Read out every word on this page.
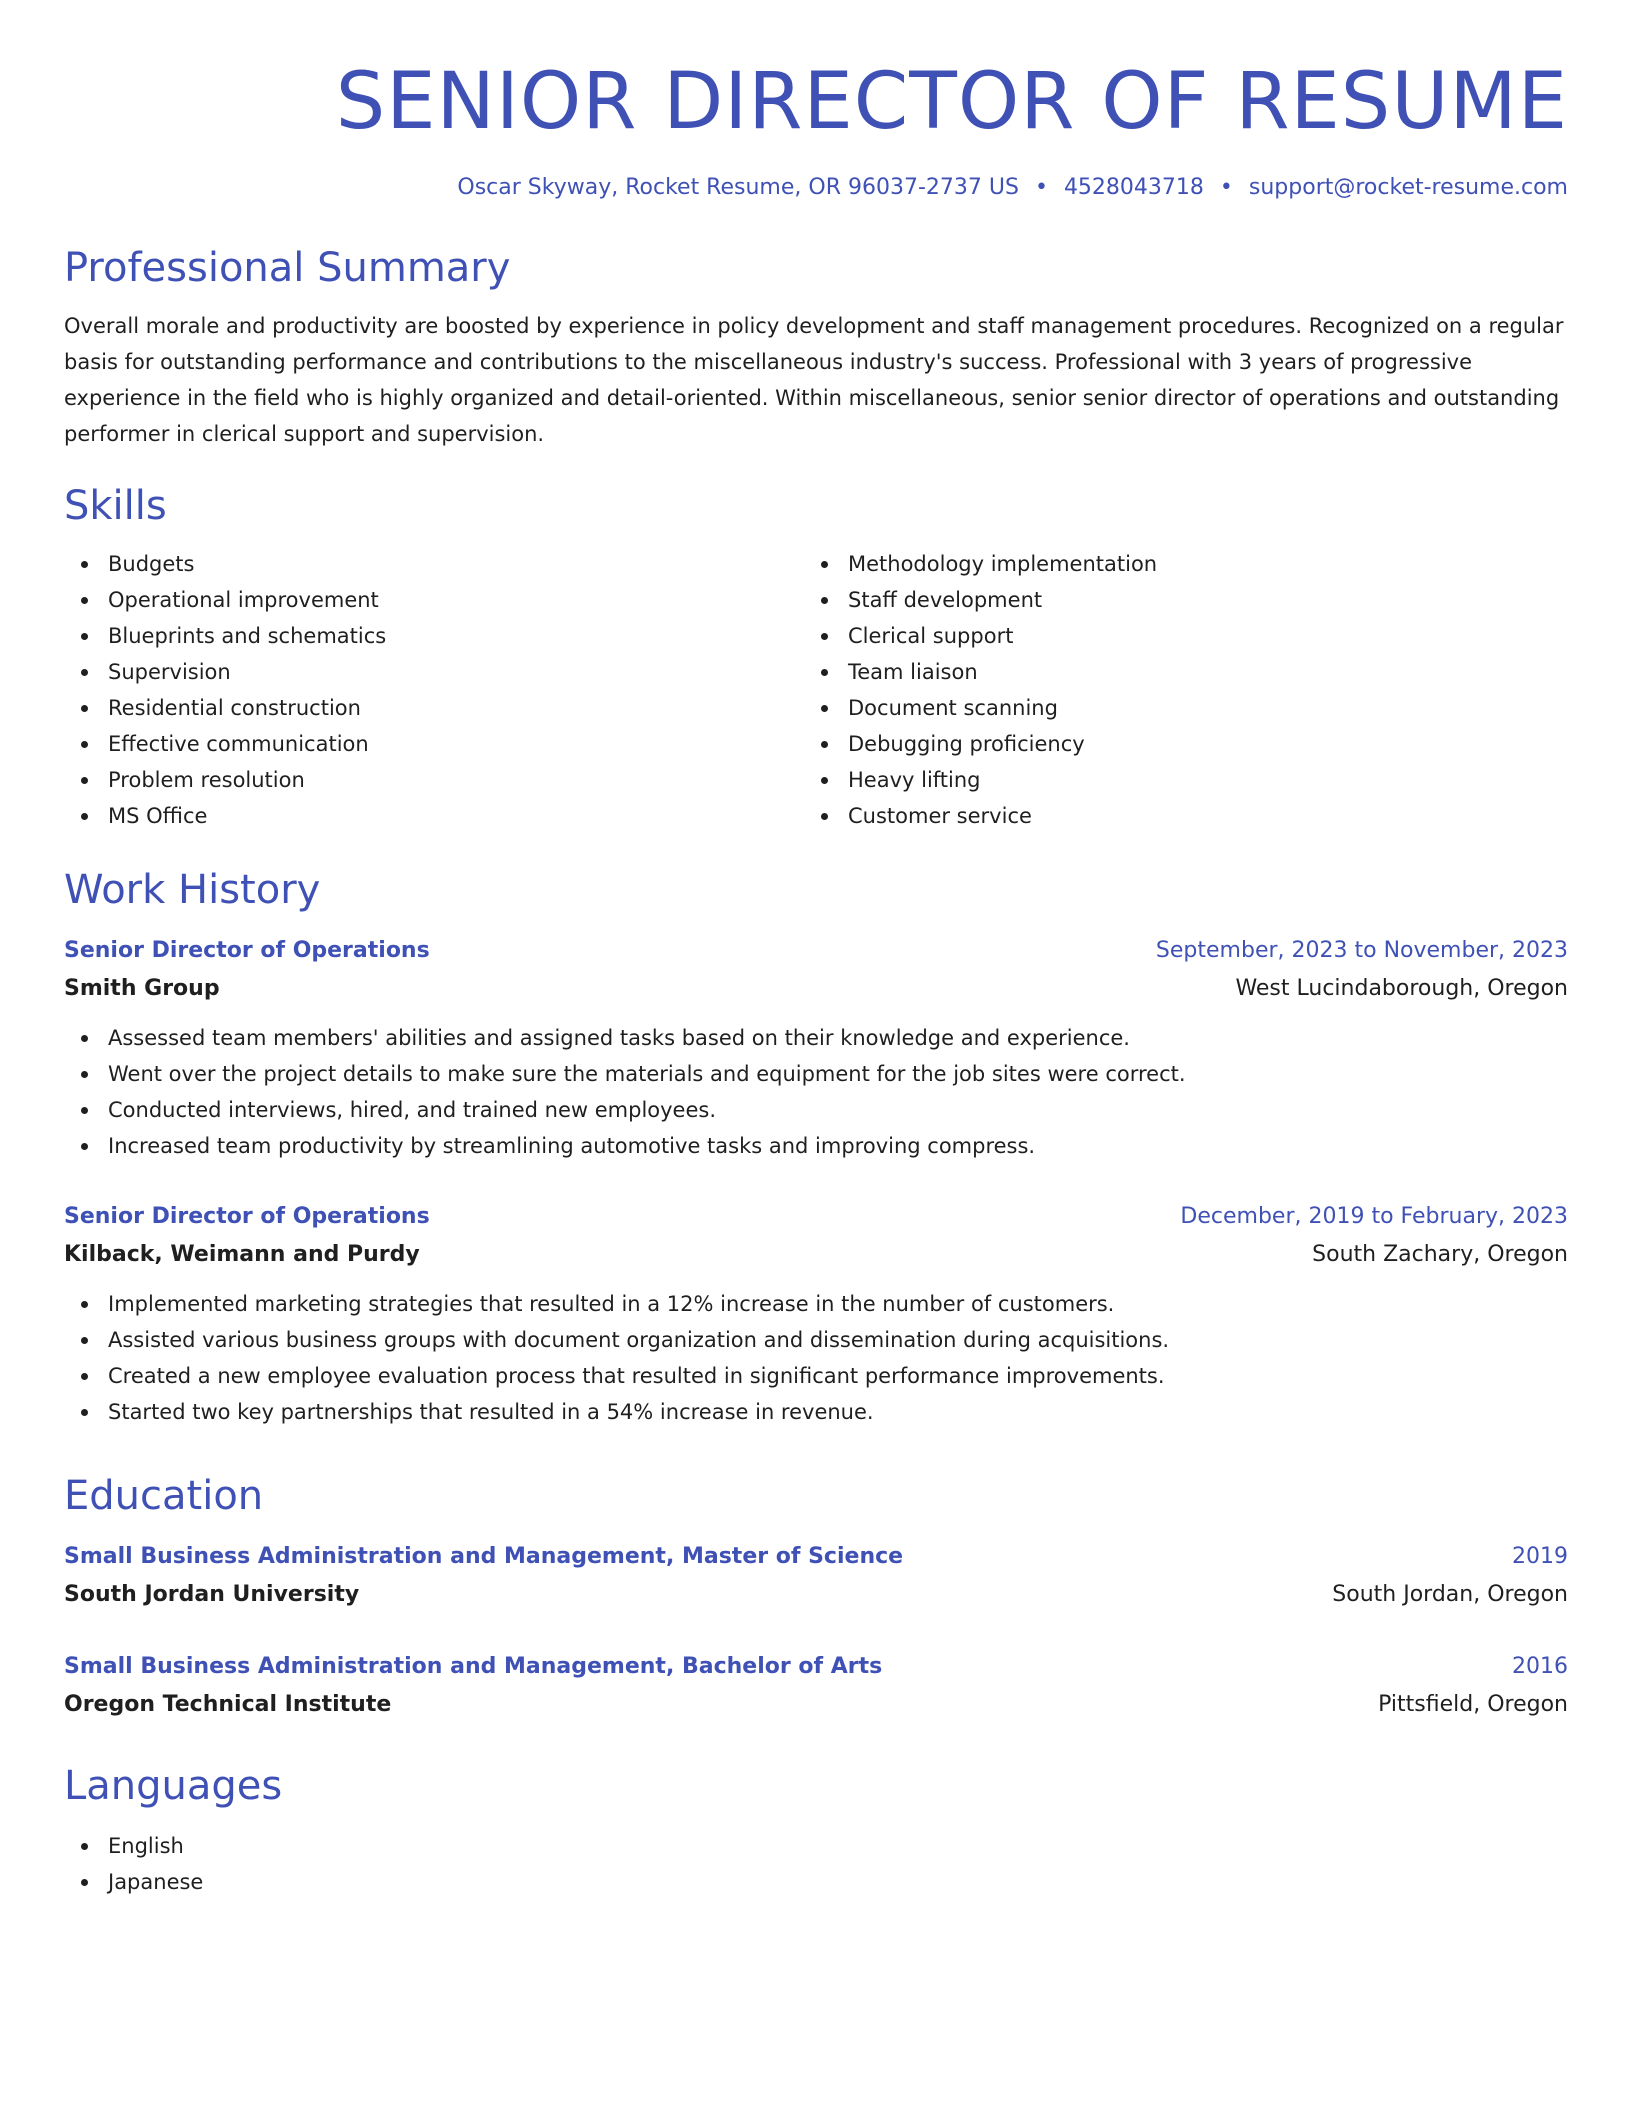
SENIOR DIRECTOR OF RESUME
Oscar Skyway, Rocket Resume, OR 96037-2737 US • 4528043718 • support@rocket-resume.com
Professional Summary
Overall morale and productivity are boosted by experience in policy development and staff management procedures. Recognized on a regular basis for outstanding performance and contributions to the miscellaneous industry's success. Professional with 3 years of progressive experience in the field who is highly organized and detail-oriented. Within miscellaneous, senior senior director of operations and outstanding performer in clerical support and supervision.
Skills
Budgets
Operational improvement
Blueprints and schematics
Supervision
Residential construction
Effective communication
Problem resolution
MS Office
Methodology implementation
Staff development
Clerical support
Team liaison
Document scanning
Debugging proficiency
Heavy lifting
Customer service
Work History
Senior Director of Operations	September, 2023 to November, 2023
Smith Group	West Lucindaborough, Oregon
Assessed team members' abilities and assigned tasks based on their knowledge and experience.
Went over the project details to make sure the materials and equipment for the job sites were correct.
Conducted interviews, hired, and trained new employees.
Increased team productivity by streamlining automotive tasks and improving compress.
Senior Director of Operations	December, 2019 to February, 2023
Kilback, Weimann and Purdy	South Zachary, Oregon
Implemented marketing strategies that resulted in a 12% increase in the number of customers.
Assisted various business groups with document organization and dissemination during acquisitions.
Created a new employee evaluation process that resulted in significant performance improvements.
Started two key partnerships that resulted in a 54% increase in revenue.
Education
Small Business Administration and Management, Master of Science	2019
South Jordan University	South Jordan, Oregon
Small Business Administration and Management, Bachelor of Arts	2016
Oregon Technical Institute	Pittsfield, Oregon
Languages
English
Japanese
